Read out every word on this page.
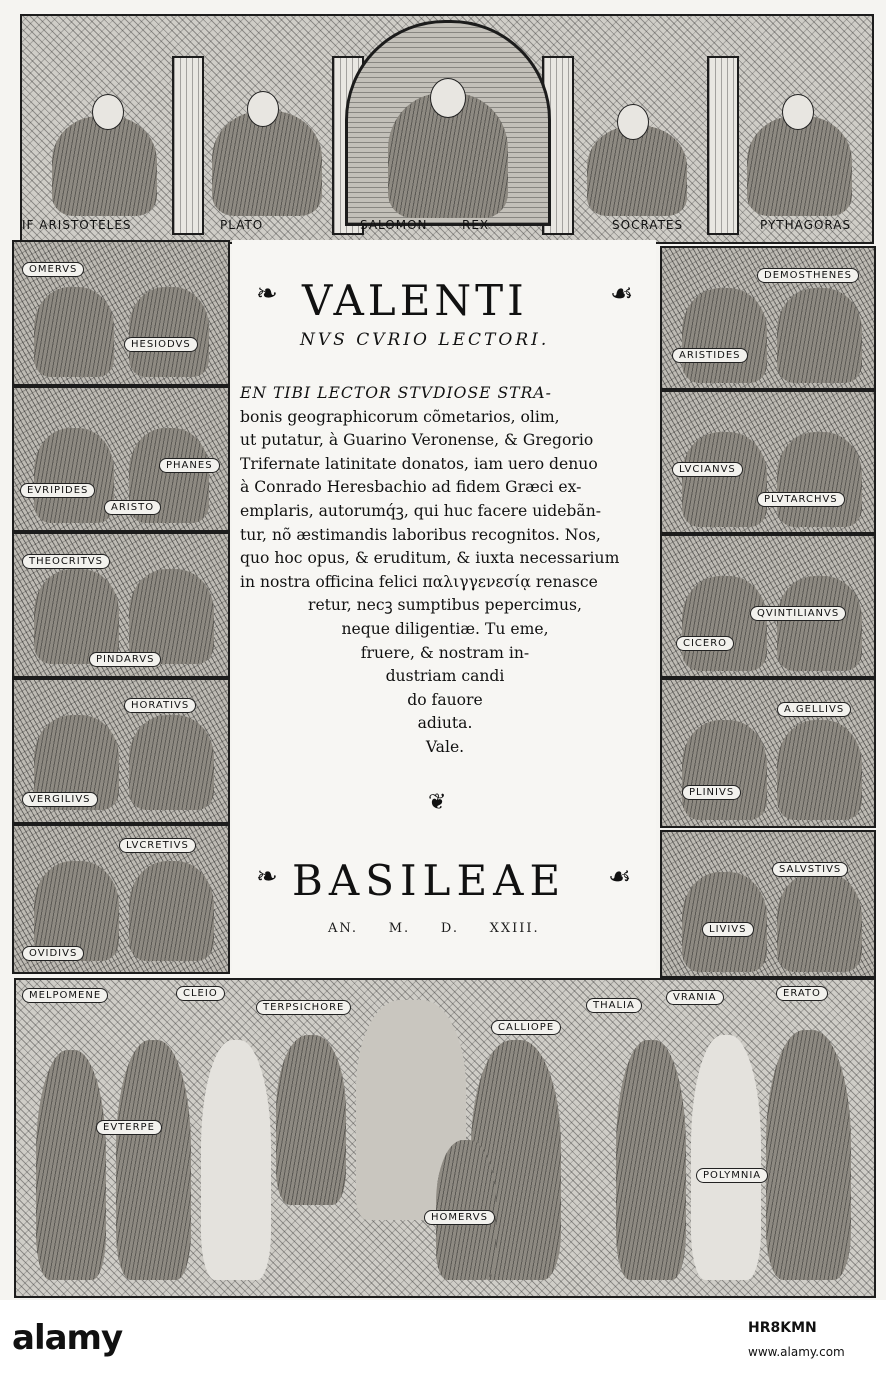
IF ARISTOTELES	PLATO	SALOMON	REX	SOCRATES	PYTHAGORAS
OMERVS
HESIODVS
EVRIPIDES
ARISTO
PHANES
THEOCRITVS
PINDARVS
VERGILIVS
HORATIVS
OVIDIVS
LVCRETIVS
ARISTIDES
DEMOSTHENES
LVCIANVS
PLVTARCHVS
CICERO
QVINTILIANVS
A.GELLIVS
PLINIVS
LIVIVS
SALVSTIVS
❧ VALENTI	☙
NVS CVRIO LECTORI.
EN TIBI LECTOR STVDIOSE STRA-
bonis geographicorum cõmetarios, olim,
ut putatur, à Guarino Veronense, & Gregorio
Trifernate latinitate donatos, iam uero denuo
à Conrado Heresbachio ad fidem Græci ex-
emplaris, autorumq́ꝫ, qui huc facere uidebãn-
tur, nõ æstimandis laboribus recognitos. Nos,
quo hoc opus, & eruditum, & iuxta necessarium
in nostra officina felici παλιγγενεσίᾳ renasce
retur, necꝫ sumptibus pepercimus,
neque diligentiæ. Tu eme,
fruere, & nostram in-
dustriam candi
do fauore
adiuta.
Vale.
❦
❧ BASILEAE ☙
AN. M. D. XXIII.
MELPOMENE	CLEIO
TERPSICHORE
EVTERPE
CALLIOPE
HOMERVS
THALIA
VRANIA	ERATO
POLYMNIA
alamy	HR8KMN
www.alamy.com
